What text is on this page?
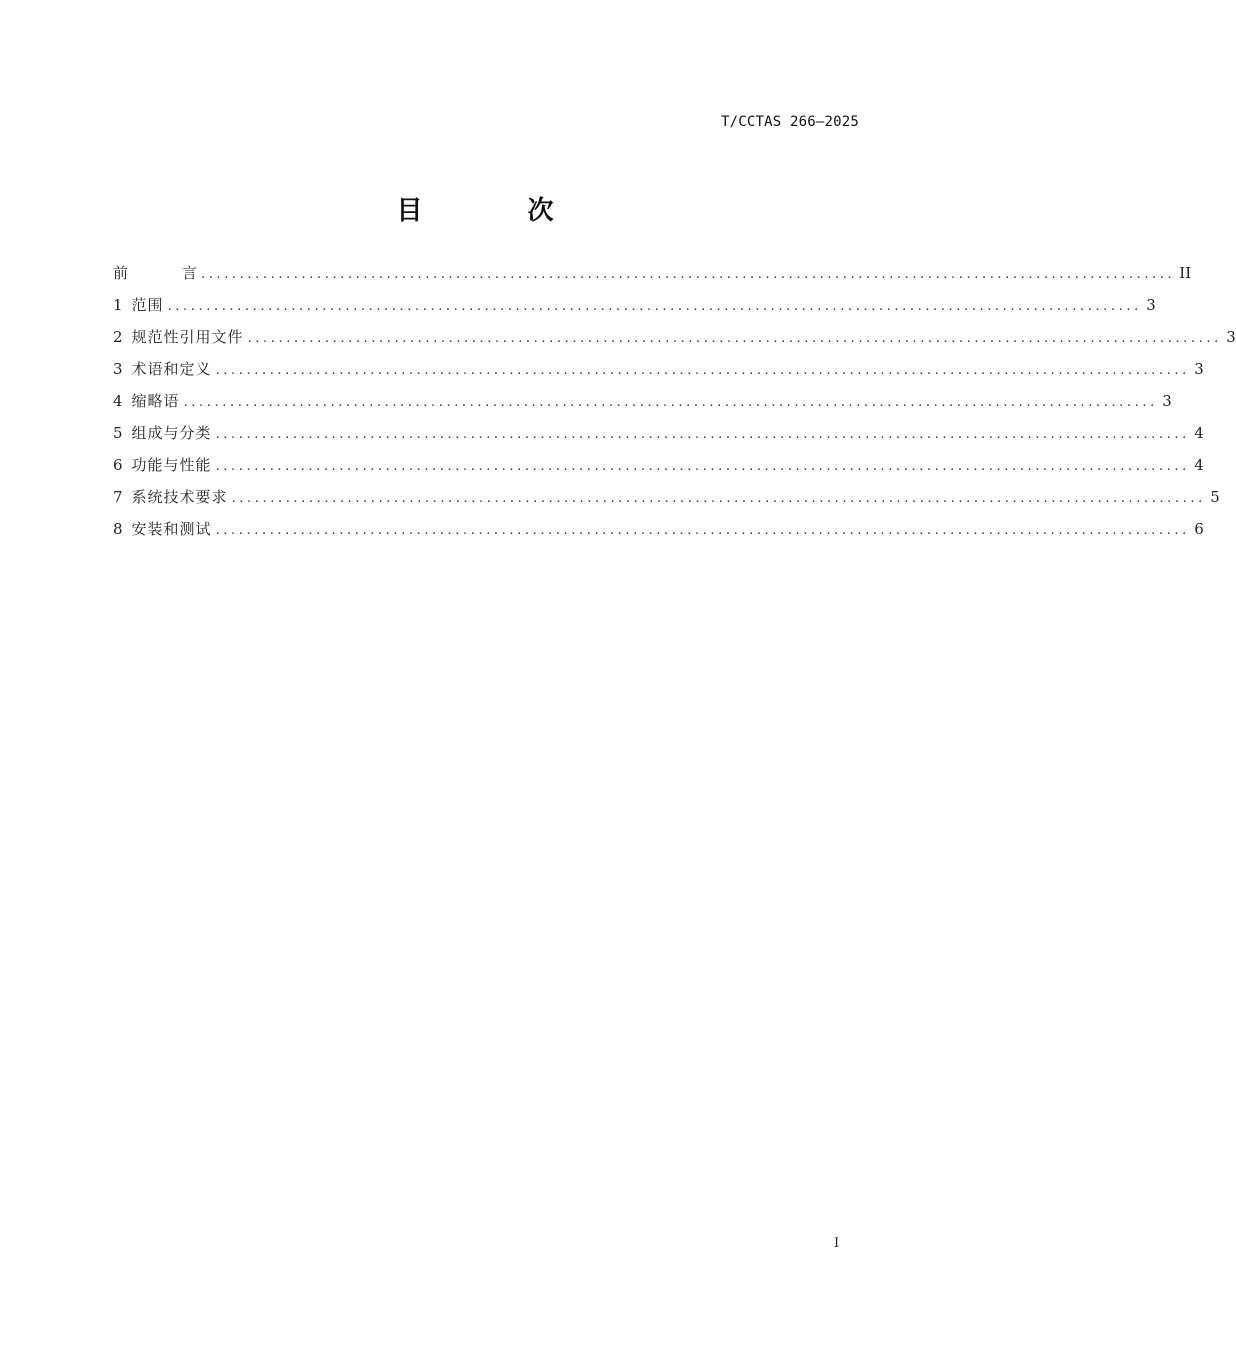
T/CCTAS 266—2025
目 次
前	言 .............................................................................................................................. II
1 范围 .............................................................................................................................. 3
2 规范性引用文件 .............................................................................................................................. 3
3 术语和定义 .............................................................................................................................. 3
4 缩略语 .............................................................................................................................. 3
5 组成与分类 .............................................................................................................................. 4
6 功能与性能 .............................................................................................................................. 4
7 系统技术要求 .............................................................................................................................. 5
8 安装和测试 .............................................................................................................................. 6
I
